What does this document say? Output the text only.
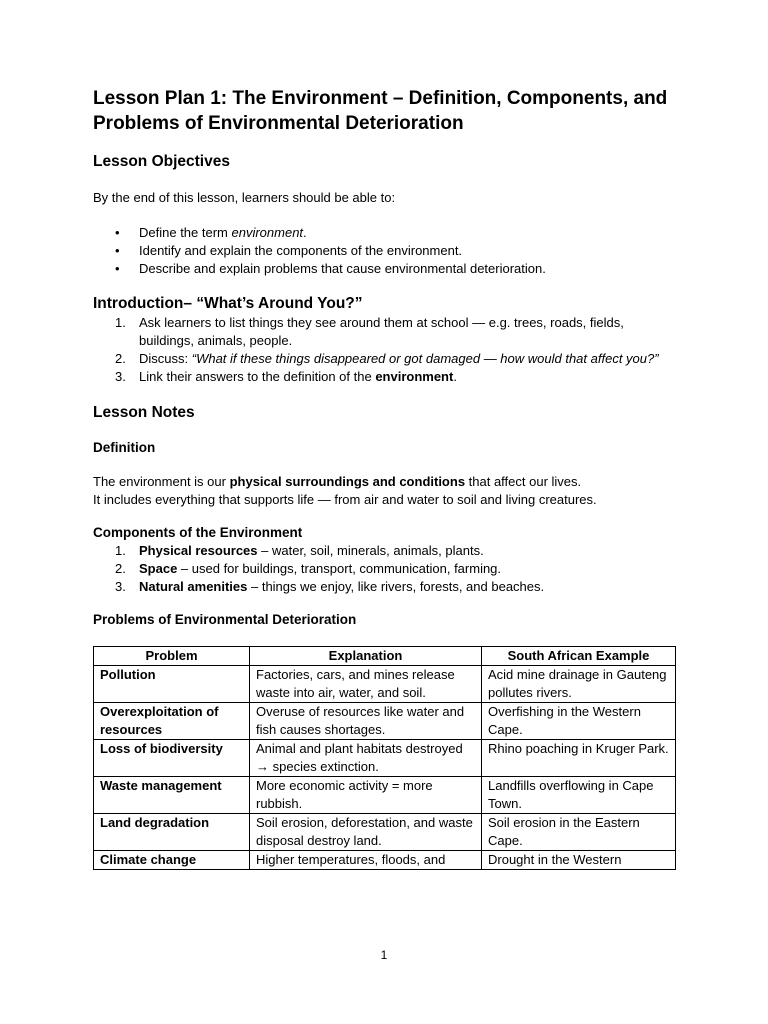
Lesson Plan 1: The Environment – Definition, Components, and Problems of Environmental Deterioration
Lesson Objectives

By the end of this lesson, learners should be able to:

• Define the term environment.
• Identify and explain the components of the environment.
• Describe and explain problems that cause environmental deterioration.
Introduction– “What’s Around You?”
1. Ask learners to list things they see around them at school — e.g. trees, roads, fields, buildings, animals, people.
2. Discuss: “What if these things disappeared or got damaged — how would that affect you?”
3. Link their answers to the definition of the environment.
Lesson Notes
Definition

The environment is our physical surroundings and conditions that affect our lives.

It includes everything that supports life — from air and water to soil and living creatures.

Components of the Environment
1. Physical resources – water, soil, minerals, animals, plants.
2. Space – used for buildings, transport, communication, farming.
3. Natural amenities – things we enjoy, like rivers, forests, and beaches.
Problems of Environmental Deterioration
Problem	Explanation	South African Example
Pollution	Factories, cars, and mines release waste into air, water, and soil.	Acid mine drainage in Gauteng pollutes rivers.
Overexploitation of resources	Overuse of resources like water and fish causes shortages.	Overfishing in the Western Cape.
Loss of biodiversity	Animal and plant habitats destroyed → species extinction.	Rhino poaching in Kruger Park.
Waste management	More economic activity = more rubbish.	Landfills overflowing in Cape Town.
Land degradation	Soil erosion, deforestation, and waste disposal destroy land.	Soil erosion in the Eastern Cape.
Climate change	Higher temperatures, floods, and	Drought in the Western
1
